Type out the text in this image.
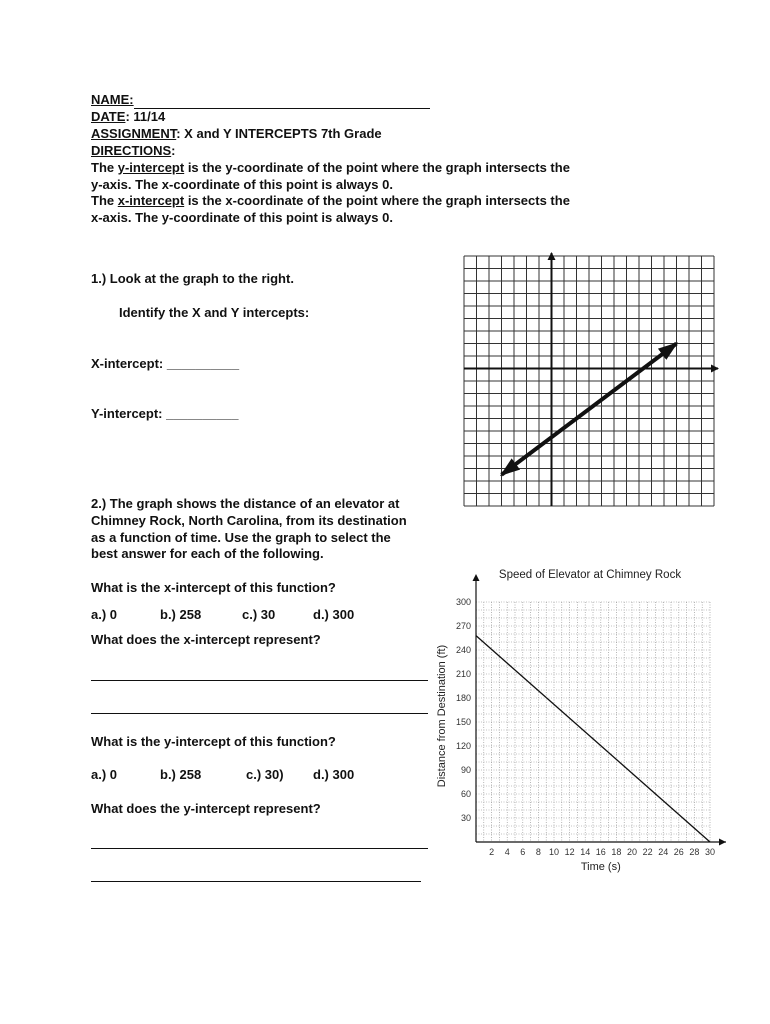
NAME:
DATE: 11/14
ASSIGNMENT: X and Y INTERCEPTS 7th Grade
DIRECTIONS:
The y-intercept is the y-coordinate of the point where the graph intersects the
y-axis. The x-coordinate of this point is always 0.
The x-intercept is the x-coordinate of the point where the graph intersects the
x-axis. The y-coordinate of this point is always 0.
1.) Look at the graph to the right.
Identify the X and Y intercepts:
X-intercept: __________
Y-intercept: __________
2.) The graph shows the distance of an elevator at
Chimney Rock, North Carolina, from its destination
as a function of time. Use the graph to select the
best answer for each of the following.
What is the x-intercept of this function?
a.) 0	b.) 258	c.) 30	d.) 300
What does the x-intercept represent?
What is the y-intercept of this function?
a.) 0	b.) 258	c.) 30) d.) 300
What does the y-intercept represent?
2 4 6 8 10 12 14 16 18 20 22 24 26 28 30
30
60
90
120
150
180
210
240
270
300
Speed of Elevator at Chimney Rock
Time (s)
Distance from Destination (ft)
